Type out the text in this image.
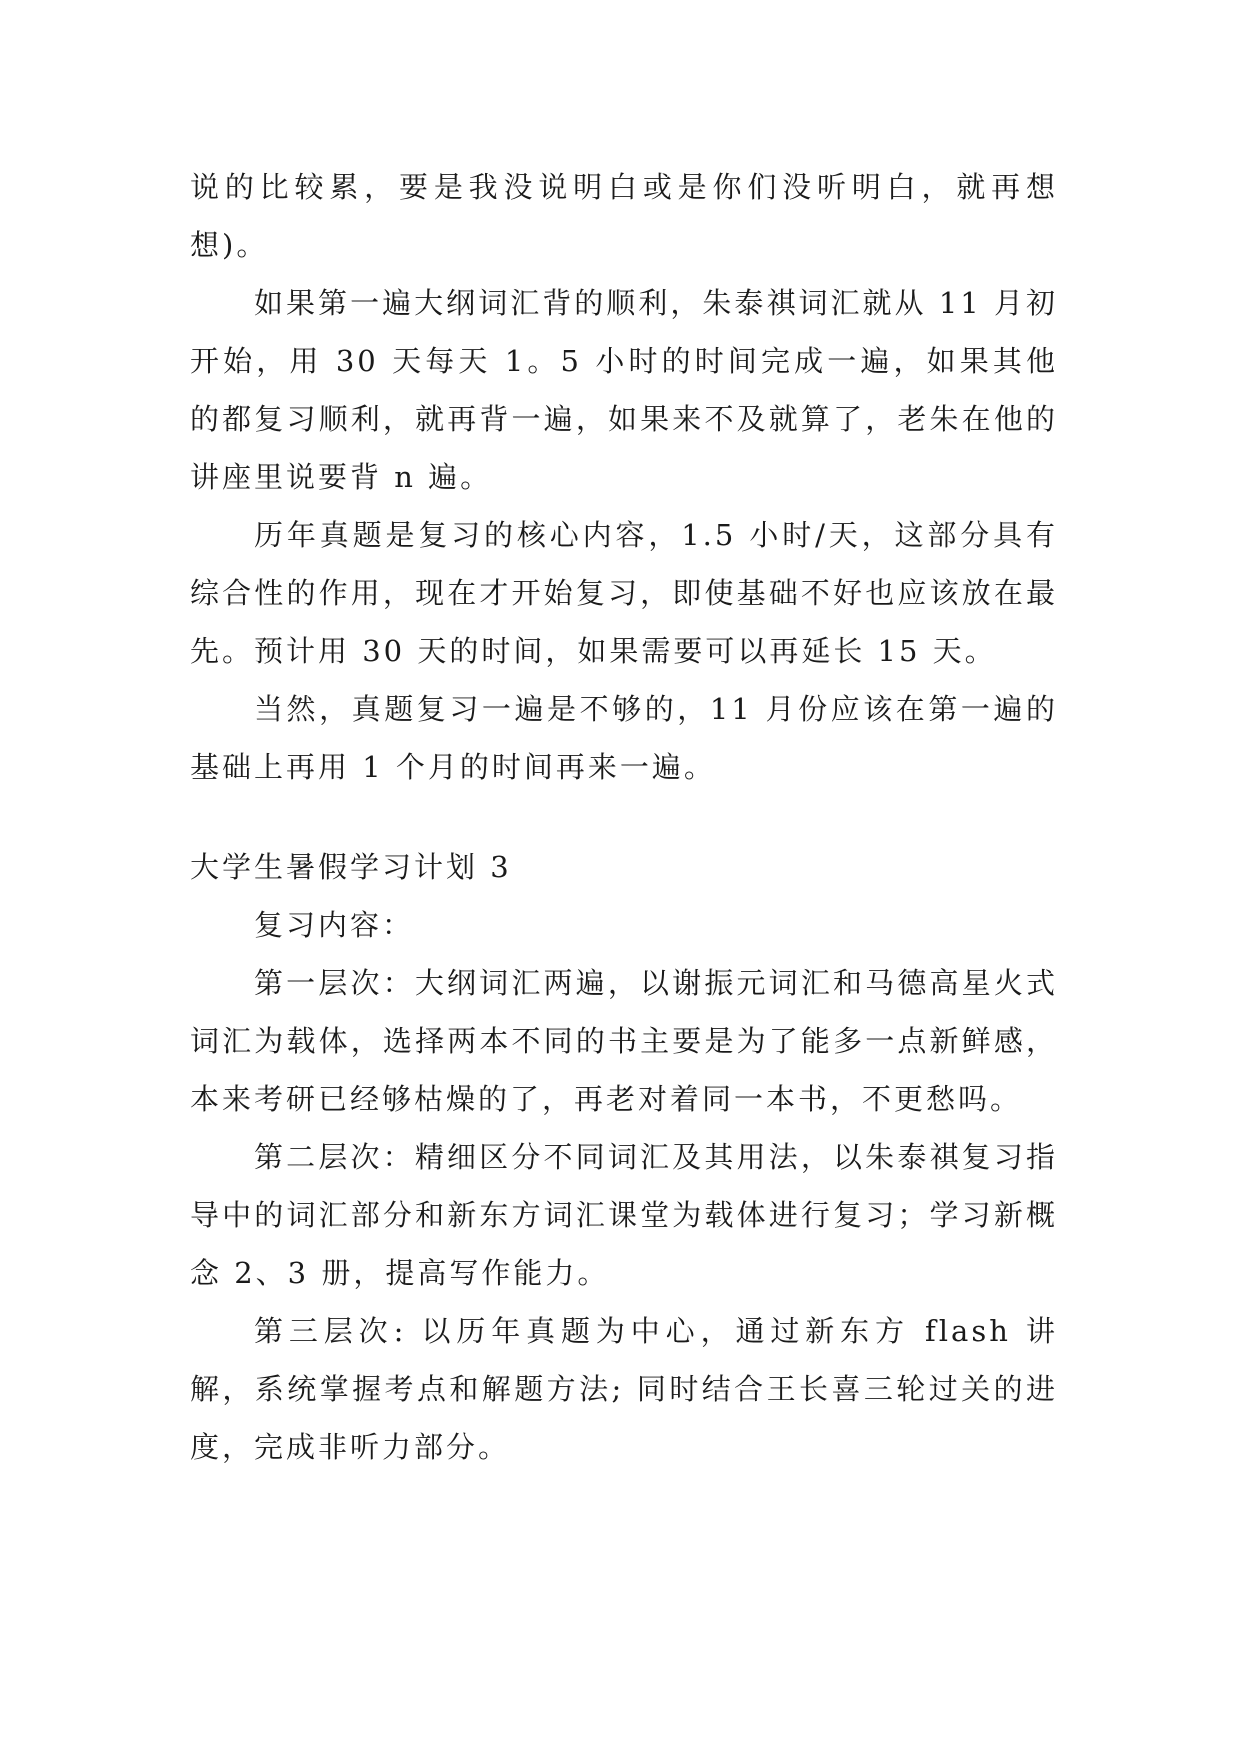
说的比较累，要是我没说明白或是你们没听明白，就再想想)。

如果第一遍大纲词汇背的顺利，朱泰祺词汇就从 11 月初开始，用 30 天每天 1。5 小时的时间完成一遍，如果其他的都复习顺利，就再背一遍，如果来不及就算了，老朱在他的讲座里说要背 n 遍。

历年真题是复习的核心内容，1.5 小时/天，这部分具有综合性的作用，现在才开始复习，即使基础不好也应该放在最先。预计用 30 天的时间，如果需要可以再延长 15 天。

当然，真题复习一遍是不够的，11 月份应该在第一遍的基础上再用 1 个月的时间再来一遍。

大学生暑假学习计划 3

复习内容：

第一层次：大纲词汇两遍，以谢振元词汇和马德高星火式词汇为载体，选择两本不同的书主要是为了能多一点新鲜感，本来考研已经够枯燥的了，再老对着同一本书，不更愁吗。

第二层次：精细区分不同词汇及其用法，以朱泰祺复习指导中的词汇部分和新东方词汇课堂为载体进行复习；学习新概念 2、3 册，提高写作能力。

第三层次: 以历年真题为中心，通过新东方 flash 讲解，系统掌握考点和解题方法; 同时结合王长喜三轮过关的进度，完成非听力部分。
